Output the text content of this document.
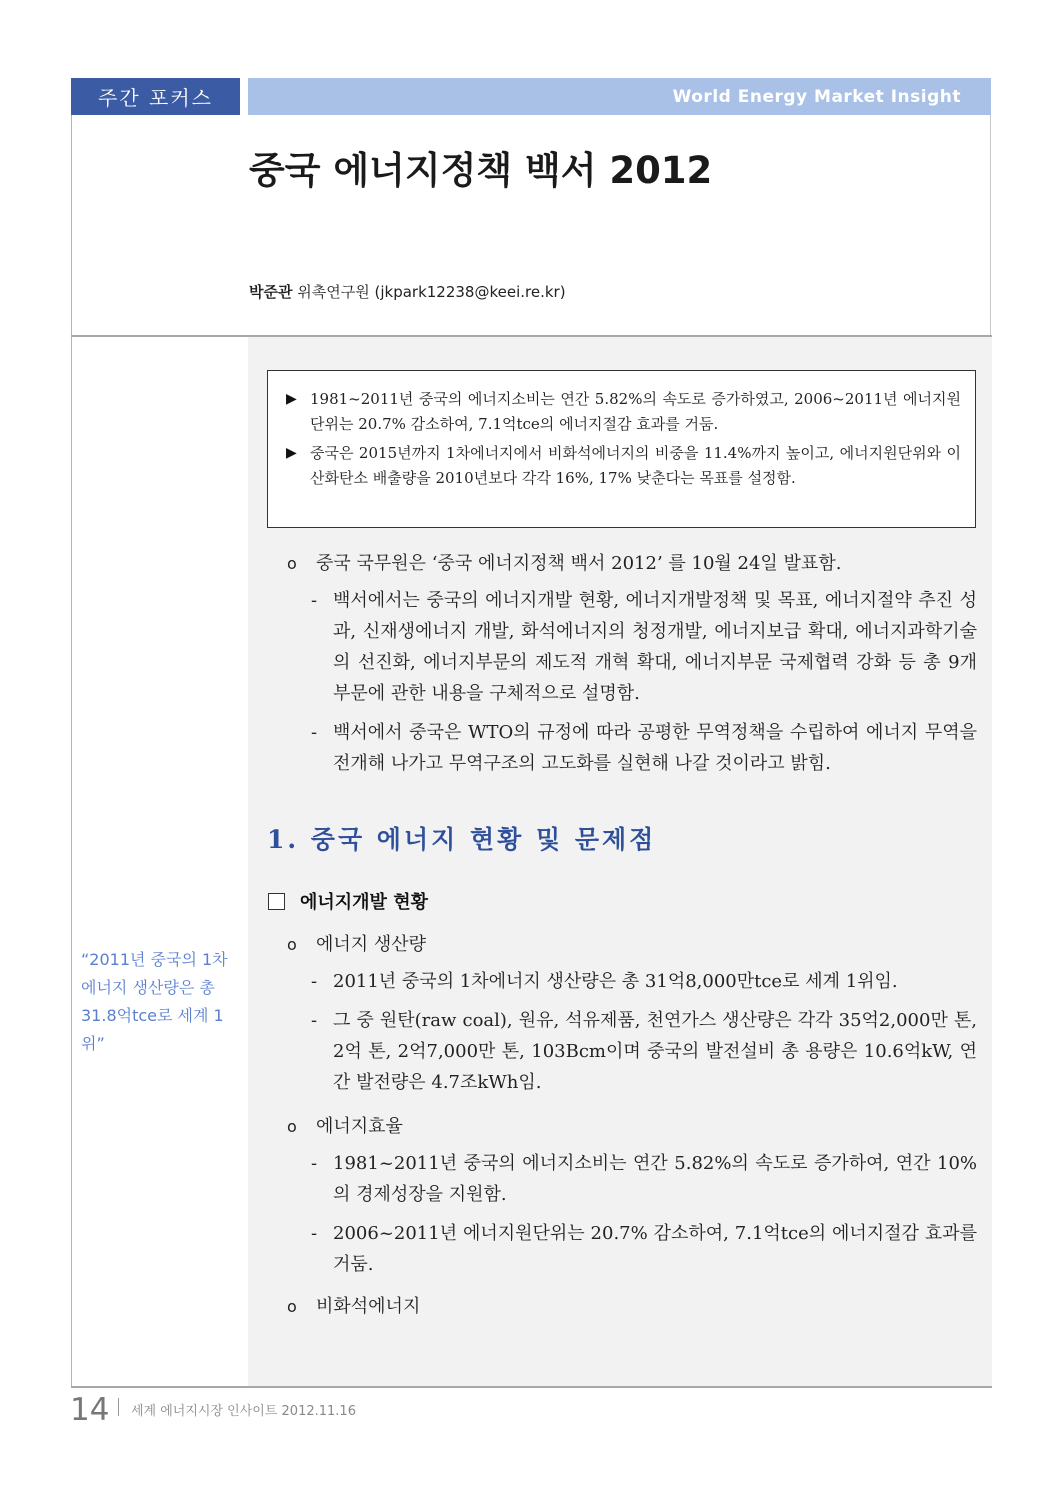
주간 포커스	World Energy Market Insight
중국 에너지정책 백서 2012
박준관 위촉연구원 (jkpark12238@keei.re.kr)
▶ 1981~2011년 중국의 에너지소비는 연간 5.82%의 속도로 증가하였고, 2006~2011년 에너지원단위는 20.7% 감소하여, 7.1억tce의 에너지절감 효과를 거둠.
▶ 중국은 2015년까지 1차에너지에서 비화석에너지의 비중을 11.4%까지 높이고, 에너지원단위와 이산화탄소 배출량을 2010년보다 각각 16%, 17% 낮춘다는 목표를 설정함.
o	중국 국무원은 ‘중국 에너지정책 백서 2012’ 를 10월 24일 발표함.
- 백서에서는 중국의 에너지개발 현황, 에너지개발정책 및 목표, 에너지절약 추진 성과, 신재생에너지 개발, 화석에너지의 청정개발, 에너지보급 확대, 에너지과학기술의 선진화, 에너지부문의 제도적 개혁 확대, 에너지부문 국제협력 강화 등 총 9개 부문에 관한 내용을 구체적으로 설명함.
- 백서에서 중국은 WTO의 규정에 따라 공평한 무역정책을 수립하여 에너지 무역을 전개해 나가고 무역구조의 고도화를 실현해 나갈 것이라고 밝힘.
1. 중국 에너지 현황 및 문제점
에너지개발 현황
o	에너지 생산량
- 2011년 중국의 1차에너지 생산량은 총 31억8,000만tce로 세계 1위임.
- 그 중 원탄(raw coal), 원유, 석유제품, 천연가스 생산량은 각각 35억2,000만 톤, 2억 톤, 2억7,000만 톤, 103Bcm이며 중국의 발전설비 총 용량은 10.6억kW, 연간 발전량은 4.7조kWh임.
o	에너지효율
- 1981~2011년 중국의 에너지소비는 연간 5.82%의 속도로 증가하여, 연간 10%의 경제성장을 지원함.
- 2006~2011년 에너지원단위는 20.7% 감소하여, 7.1억tce의 에너지절감 효과를 거둠.
o	비화석에너지
“2011년 중국의 1차에너지 생산량은 총 31.8억tce로 세계 1위”
14 세계 에너지시장 인사이트 2012.11.16
